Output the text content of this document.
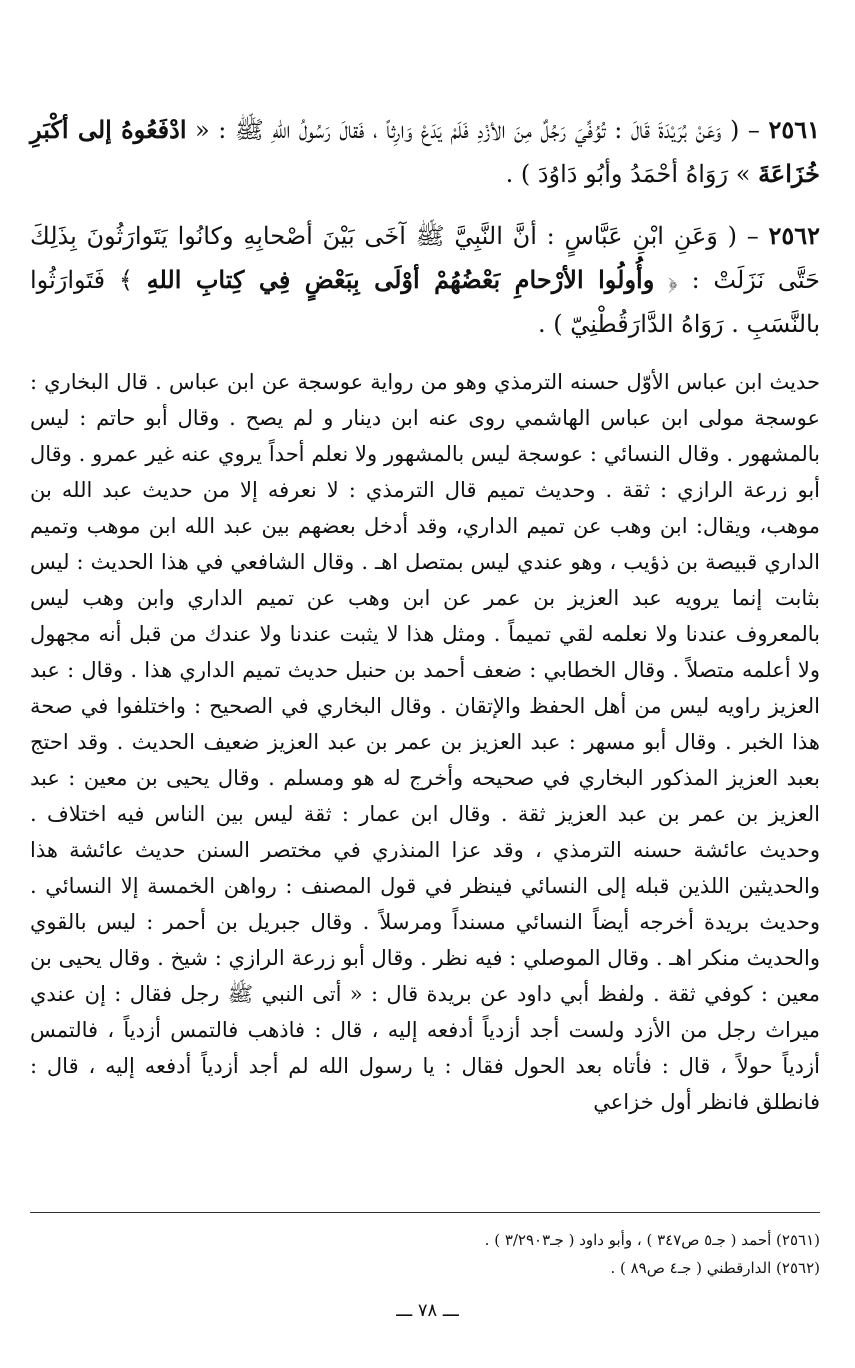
٢٥٦١ – ( وَعَنْ بُرَيْدَةَ قَالَ : تُوُفِّيَ رَجُلٌ مِنَ الأزْدِ فَلَمْ يَدَعْ وَارِثاً ، فَقالَ رَسُولُ اللهِ ﷺ : « ادْفَعُوهُ إلى أكْبَرِ خُزَاعَةَ » رَوَاهُ أحْمَدُ وأبُو دَاوُدَ ) .

٢٥٦٢ – ( وَعَنِ ابْنِ عَبَّاسٍ : أنَّ النَّبِيَّ ﷺ آخَى بَيْنَ أصْحابِهِ وكانُوا يَتَوارَثُونَ بِذَلِكَ حَتَّى نَزَلَتْ : ﴿ وأُولُوا الأرْحامِ بَعْضُهُمْ أوْلَى بِبَعْضٍ فِي كِتابِ اللهِ ﴾ فَتَوارَثُوا بالنَّسَبِ . رَوَاهُ الدَّارَقُطْنِيّ ) .

حديث ابن عباس الأوّل حسنه الترمذي وهو من رواية عوسجة عن ابن عباس . قال البخاري : عوسجة مولى ابن عباس الهاشمي روى عنه ابن دينار و لم يصح . وقال أبو حاتم : ليس بالمشهور . وقال النسائي : عوسجة ليس بالمشهور ولا نعلم أحداً يروي عنه غير عمرو . وقال أبو زرعة الرازي : ثقة . وحديث تميم قال الترمذي : لا نعرفه إلا من حديث عبد الله بن موهب، ويقال: ابن وهب عن تميم الداري، وقد أدخل بعضهم بين عبد الله ابن موهب وتميم الداري قبيصة بن ذؤيب ، وهو عندي ليس بمتصل اهـ . وقال الشافعي في هذا الحديث : ليس بثابت إنما يرويه عبد العزيز بن عمر عن ابن وهب عن تميم الداري وابن وهب ليس بالمعروف عندنا ولا نعلمه لقي تميماً . ومثل هذا لا يثبت عندنا ولا عندك من قبل أنه مجهول ولا أعلمه متصلاً . وقال الخطابي : ضعف أحمد بن حنبل حديث تميم الداري هذا . وقال : عبد العزيز راويه ليس من أهل الحفظ والإتقان . وقال البخاري في الصحيح : واختلفوا في صحة هذا الخبر . وقال أبو مسهر : عبد العزيز بن عمر بن عبد العزيز ضعيف الحديث . وقد احتج بعبد العزيز المذكور البخاري في صحيحه وأخرج له هو ومسلم . وقال يحيى بن معين : عبد العزيز بن عمر بن عبد العزيز ثقة . وقال ابن عمار : ثقة ليس بين الناس فيه اختلاف . وحديث عائشة حسنه الترمذي ، وقد عزا المنذري في مختصر السنن حديث عائشة هذا والحديثين اللذين قبله إلى النسائي فينظر في قول المصنف : رواهن الخمسة إلا النسائي . وحديث بريدة أخرجه أيضاً النسائي مسنداً ومرسلاً . وقال جبريل بن أحمر : ليس بالقوي والحديث منكر اهـ . وقال الموصلي : فيه نظر . وقال أبو زرعة الرازي : شيخ . وقال يحيى بن معين : كوفي ثقة . ولفظ أبي داود عن بريدة قال : « أتى النبي ﷺ رجل فقال : إن عندي ميراث رجل من الأزد ولست أجد أزدياً أدفعه إليه ، قال : فاذهب فالتمس أزدياً ، فالتمس أزدياً حولاً ، قال : فأتاه بعد الحول فقال : يا رسول الله لم أجد أزدياً أدفعه إليه ، قال : فانطلق فانظر أول خزاعي

(٢٥٦١) أحمد ( جـ٥ ص٣٤٧ ) ، وأبو داود ( جـ٣/٢٩٠٣ ) .

(٢٥٦٢) الدارقطني ( جـ٤ ص٨٩ ) .

ـــ ٧٨ ـــ
